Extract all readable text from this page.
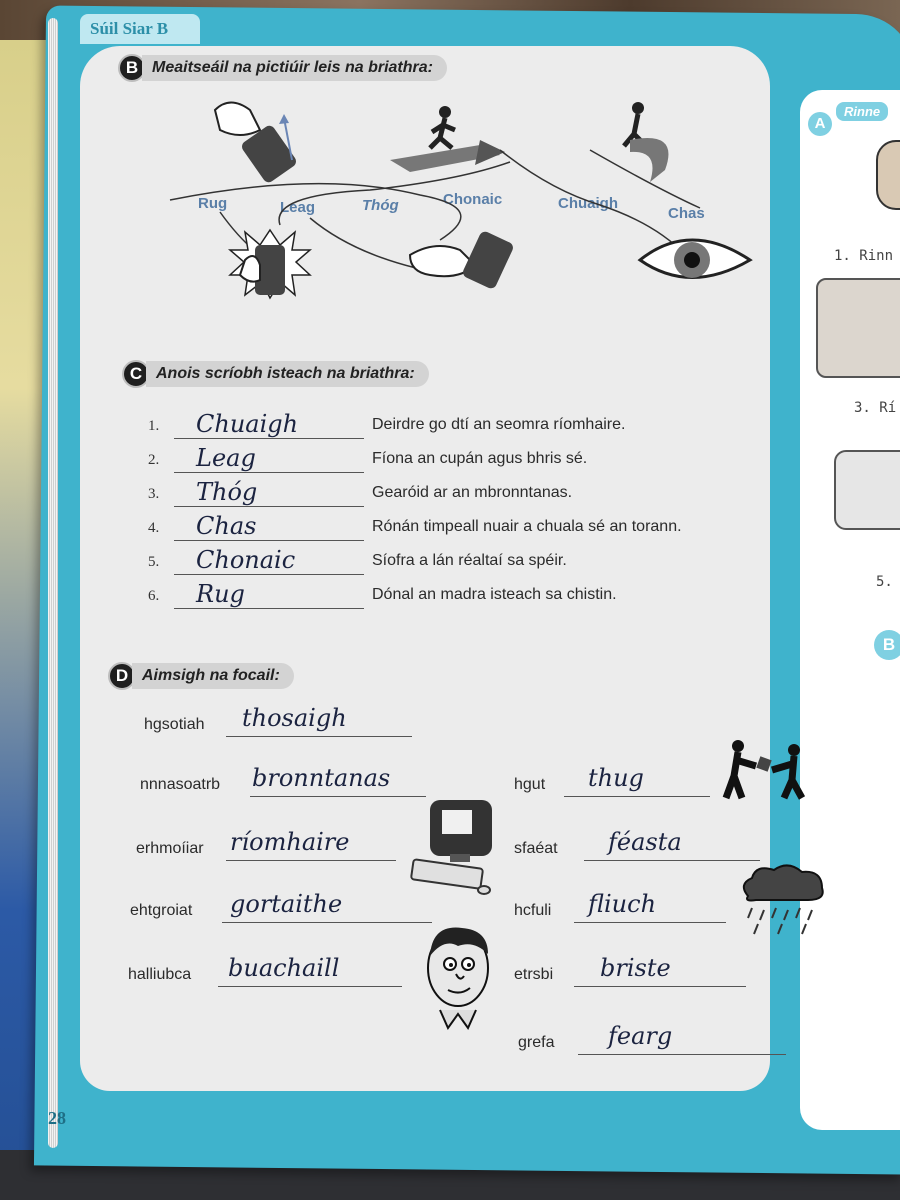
Súil Siar B
A
Rinne
1. Rinn
3. Rí
5.
B
B Meaitseáil na pictiúir leis na briathra:
Rug	Leag	Thóg	Chonaic	Chuaigh
Chas
C Anois scríobh isteach na briathra:
1. Chuaigh	Deirdre go dtí an seomra ríomhaire.
2. Leag	Fíona an cupán agus bhris sé.
3. Thóg	Gearóid ar an mbronntanas.
4. Chas	Rónán timpeall nuair a chuala sé an torann.
5. Chonaic	Síofra a lán réaltaí sa spéir.
6. Rug	Dónal an madra isteach sa chistin.
D Aimsigh na focail:
hgsotiah thosaigh
nnnasoatrb bronntanas
erhmoíiar ríomhaire
ehtgroiat gortaithe
halliubca buachaill
hgut thug
sfaéat féasta
hcfuli fliuch
etrsbi briste
grefa fearg
28
